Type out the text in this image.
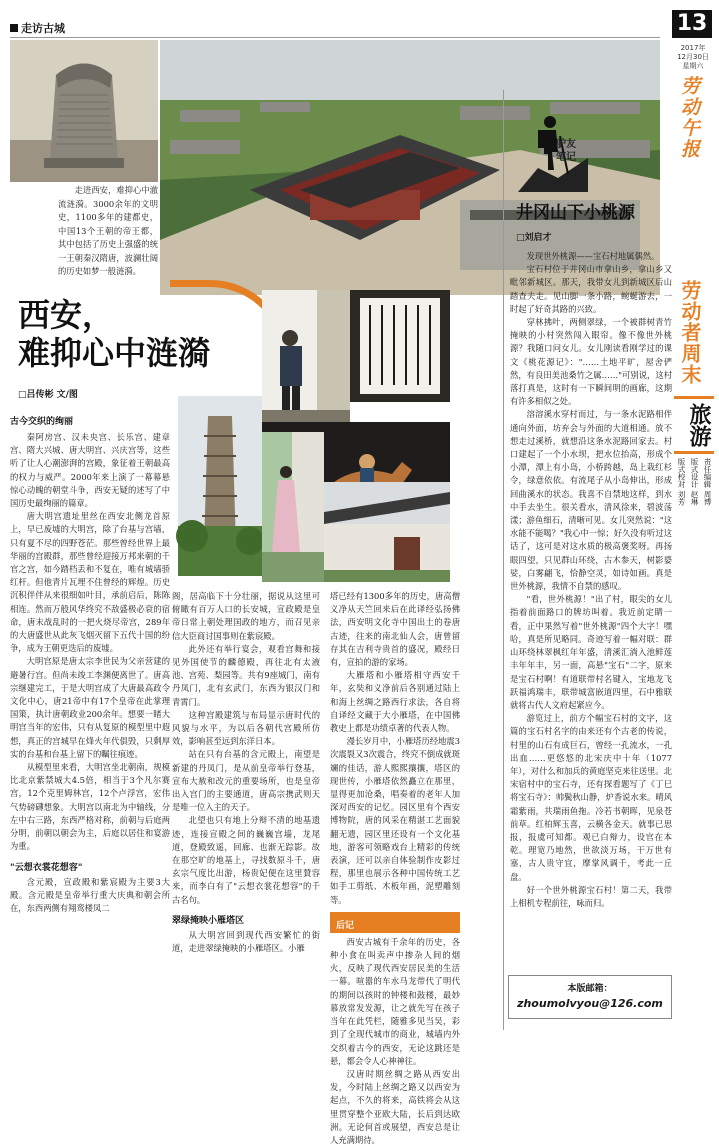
走访古城	13
2017年
12月30日
星期六
劳动午报
走进西安，难抑心中澈流涟漪。3000余年的文明史，1100多年的建都史，中国13个王朝的帝王都，其中包括了历史上强盛的统一王朝秦汉隋唐，波澜壮阔的历史如梦一般涟漪。
西安，
难抑心中涟漪
□吕传彬 文/图
古今交织的绚丽

秦阿房宫、汉未央宫、长乐宫、建章宫、隋大兴城、唐大明宫、兴庆宫等，这些听了让人心潮澎湃的宫殿，象征着王朝最高的权力与威严。2000年来上演了一幕幕悬惊心动魄的朝堂斗争，西安无疑的述写了中国历史最绚丽的篇章。

唐大明宫遗址里丝在西安北侧龙首原上，早已废墟的大明宫，除了台基与宫墙，只有夏不尽的四野苍茫。那些曾经世界上最华丽的宫殿群，那些曾经迎接万邦来朝的千官之宫，如今踏档丢和不复在，唯有城墙骄红杆。但他青片瓦埋不住曾经的辉煌。历史沉积伴伴从来很细如叶目，承前启后，陈陈相连。然而万般风华终究不敌盛极必衰的宿命，唐末战乱时的一把火烧尽帝宫，289年的大唐盛世从此灰飞烟灭留下五代十国的纷争，成为王朝更迭后的废墟。

大明宫原是唐太宗李世民为父亲营建的避暑行宫。但尚未竣工李渊便离世了。唐高宗继建完工，于是大明宫成了大唐最高政令文化中心，唐21帝中有17个皇帝在此掌理国策，执计唐朝政业200余年。想要一睹大明宫当年的宏伟，只有从复原的模型里中遐想，真正的宫城早在烽火年代俱毁，只剩厚实的台基和台基上留下的瞩往痕迹。

从模型里来看，大明宫坐北朝南，规模比北京紫禁城大4.5倍，相当于3个凡尔赛宫，12个克里姆林宫，12个卢浮宫，宏伟气势磅礴想象。大明宫以南北为中轴线，分左中右三路，东西严格对称，前朝与后庭两分明，前朝以朝会为主，后庭以居住和宴游为重。

"云想衣裳花想容"

含元殿，宣政殿和紫宸殿为主要3大殿。含元殿是皇帝举行重大庆典和朝会所在，东西两侧有翔鸾楼凤二

阁，居高临下十分壮丽，据说从这里可俯瞰有百万人口的长安城，宣政殿是皇帝日常上朝处理国政的地方，而召见亲信大臣商讨国事则在紫宸殿。

此外还有举行宴会，观看宫舞和接见外国使节的麟德殿，再往北有太液池、宫苑、梨园等。共有9座城门，南有丹凤门，北有玄武门，东西为银汉门和青霄门。

这种宫殿建筑与布局显示唐时代的风貌与水平，为以后各朝代宫殿所仿效，影响甚至远到东洋日本。

站在只有台基的含元殿上，南望是新建的丹凤门，是从前皇帝举行登基，宣布大赦和改元的重要场所，也是皇帝出入宫门的主要通道，唐高宗携武则天是唯一位入主的天子。

北望也只有地上分辩不清的地基遗迹，连接宣殿之间的巍巍宫墙，龙尾道，登殿致遥，回廊、也渐无踪影。故在那空旷的地基上，寻找数原斗千，唐玄宗气度比出游，杨贵妃便在这里賛容来，而李白有了"云想衣裳花想容"的千古名句。

翠绿掩映小雁塔区

从大明宫回到现代西安繁忙的街道，走进翠绿掩映的小雁塔区。小雁

塔已经有1300多年的历史，唐高僧义净从天竺回来后在此译经弘扬佛法，西安明文化寺中国出土的卷唐古迹，往来的南北仙人会，唐曾留存其在吉利寺贵首的盛况，殿经日有，宣拍的游的家场。

大雁塔和小雁塔相守西安千年，玄奘和义净前后各别通过陆上和海上丝绸之路西行求法，各自将自译经文藏于大小雁塔，在中国佛教史上都是功绩卓著的代表人物。

漫长岁月中，小雁塔历经地震3次震裂又3次震合，终究不倒成就斑斓的佳话，游人熙熙攘攘，塔区的现世传，小雁塔依然矗立在那里，显得更加沧桑，唱奏着的老年人加深对西安的记忆。园区里有个西安博物院，唐的风采在精湛工艺面貌翻无遗，园区里还设有一个文化基地，游客可领略戏台上精彩的传统表演，还可以亲自体验制作皮影过程，那里也展示各种中国传统工艺如手工剪纸、木板年画，泥塑雕刻等。

后记

西安古城有千余年的历史，各种小食在叫卖声中掺杂人间的烟火，反映了现代西安居民美的生活一幕。喧嚣的车水马龙带代了明代的期间以孩时的钟楼和鼓楼，最妙慕放常发发源，让之就先写在孩子当年在此凭栏，随雅多见当吴，彩到了全现代城市的商业，城墙内外交织着古今的西安，无论这跳还是悬，都会令人心神神往。

汉唐时期丝绸之路从西安出发，今时陆上丝绸之路又以西安为起点，不久的将来，高铁将会从这里贯穿整个亚欧大陆，长后到达欧洲。无论何首或展望，西安总是让人充满期待。

驴友
笔记
井冈山下小桃源
□刘启才

发现世外桃源——宝石村地属偶然。

宝石村位于井冈山市拿山乡，拿山乡又毗邻新城区。那天，我带女儿到新城区后山踏查夫走。见山脚一条小路，蜿蜒游去，一时起了好奇其路的兴致。

穿林拂叶，两侧翠绿，一个被群树青竹掩映的小村突然闯入眼帘。像不像世外桃源？我随口问女儿。女儿刚读看刚学过的课文《桃花源记》："……土地平旷，屋舍俨然，有良田美池桑竹之属……"可别说，这村落打真是，这时有一下瞬间明的画廊，这期有许多相似之处。

溶溶溪水穿村而过，与一条水泥路相伴通向外面，坊弃会与外面的大道相通。放不想走过溪桥，就想沿这条水泥路回家去。村口建起了一个小水坝，把水位抬高，形成个小潭，潭上有小岛，小桥跨越，岛上栽红杉令，绿意依依。有流尾子从小岛伸出，形成回曲溪水的状态。我喜不自禁地这样，到水中手去坐生。很关看水，清风徐来，碧波荡漾；游鱼细石，清晰可见。女儿突然说："这水能不能喝？"我心中一惊；好久没有听过这话了，这可是对这水质的极高褒奖呀。再扬眼四望，只见群山环绕，古木参天，树影婆娑，白雾翩飞，恰静空灵，如诗如画。真是世外桃源，我情不自禁的感叹。

"看，世外桃源！"出了村，眼尖的女儿指着前面路口的牌坊叫着。我近前定睛一看，正中果然写着"世外桃源"四个大字！嘿哈，真是所见略同。奇迹写着一幅对联：群山环绕林翠枫红年年盛，清溪汇淌入池鲜莲丰年年丰，另一面，高悬"宝石"二字，原来是宝石村啊！有道联带村名键入，宝地龙飞跃福鸿瑞丰，联带城富嵌道四里，石中雅联就将古代人文府起紧应今。

游览过上，前方个幅宝石村的文字，这篇的宝石村名字的由来还有个古老的传说，村里的山石有成巨石，曾经一孔流水，一孔出血……更悠悠的北宋庆中十年（1077年），对什么和加兵的黄庭坚克来往送里。北宋宿村中的宝石寺，还有探看题写了《丁巳将宝石寺》：帅鬓秋山静，炉香说水来。晴风霜紫雨，共瑞雨鱼拖。冷若书朝晖，见泉苍前草。红柏辉玉喜，云横各金天。就事已思报，报虞可知都。观已白辩力，设官在本乾。理宽乃地然，世欲淡万场，干万世有塞，古人贵守宜，摩掌风调千，考此一丘盘。

好一个世外桃源宝石村！第二天，我带上相机专程前往，咏而归。

本版邮箱：
zhoumolvyou@126.com
劳动者周末
旅游
责任编辑 周博
版式设计 赵琳
版式校对 刘芳
